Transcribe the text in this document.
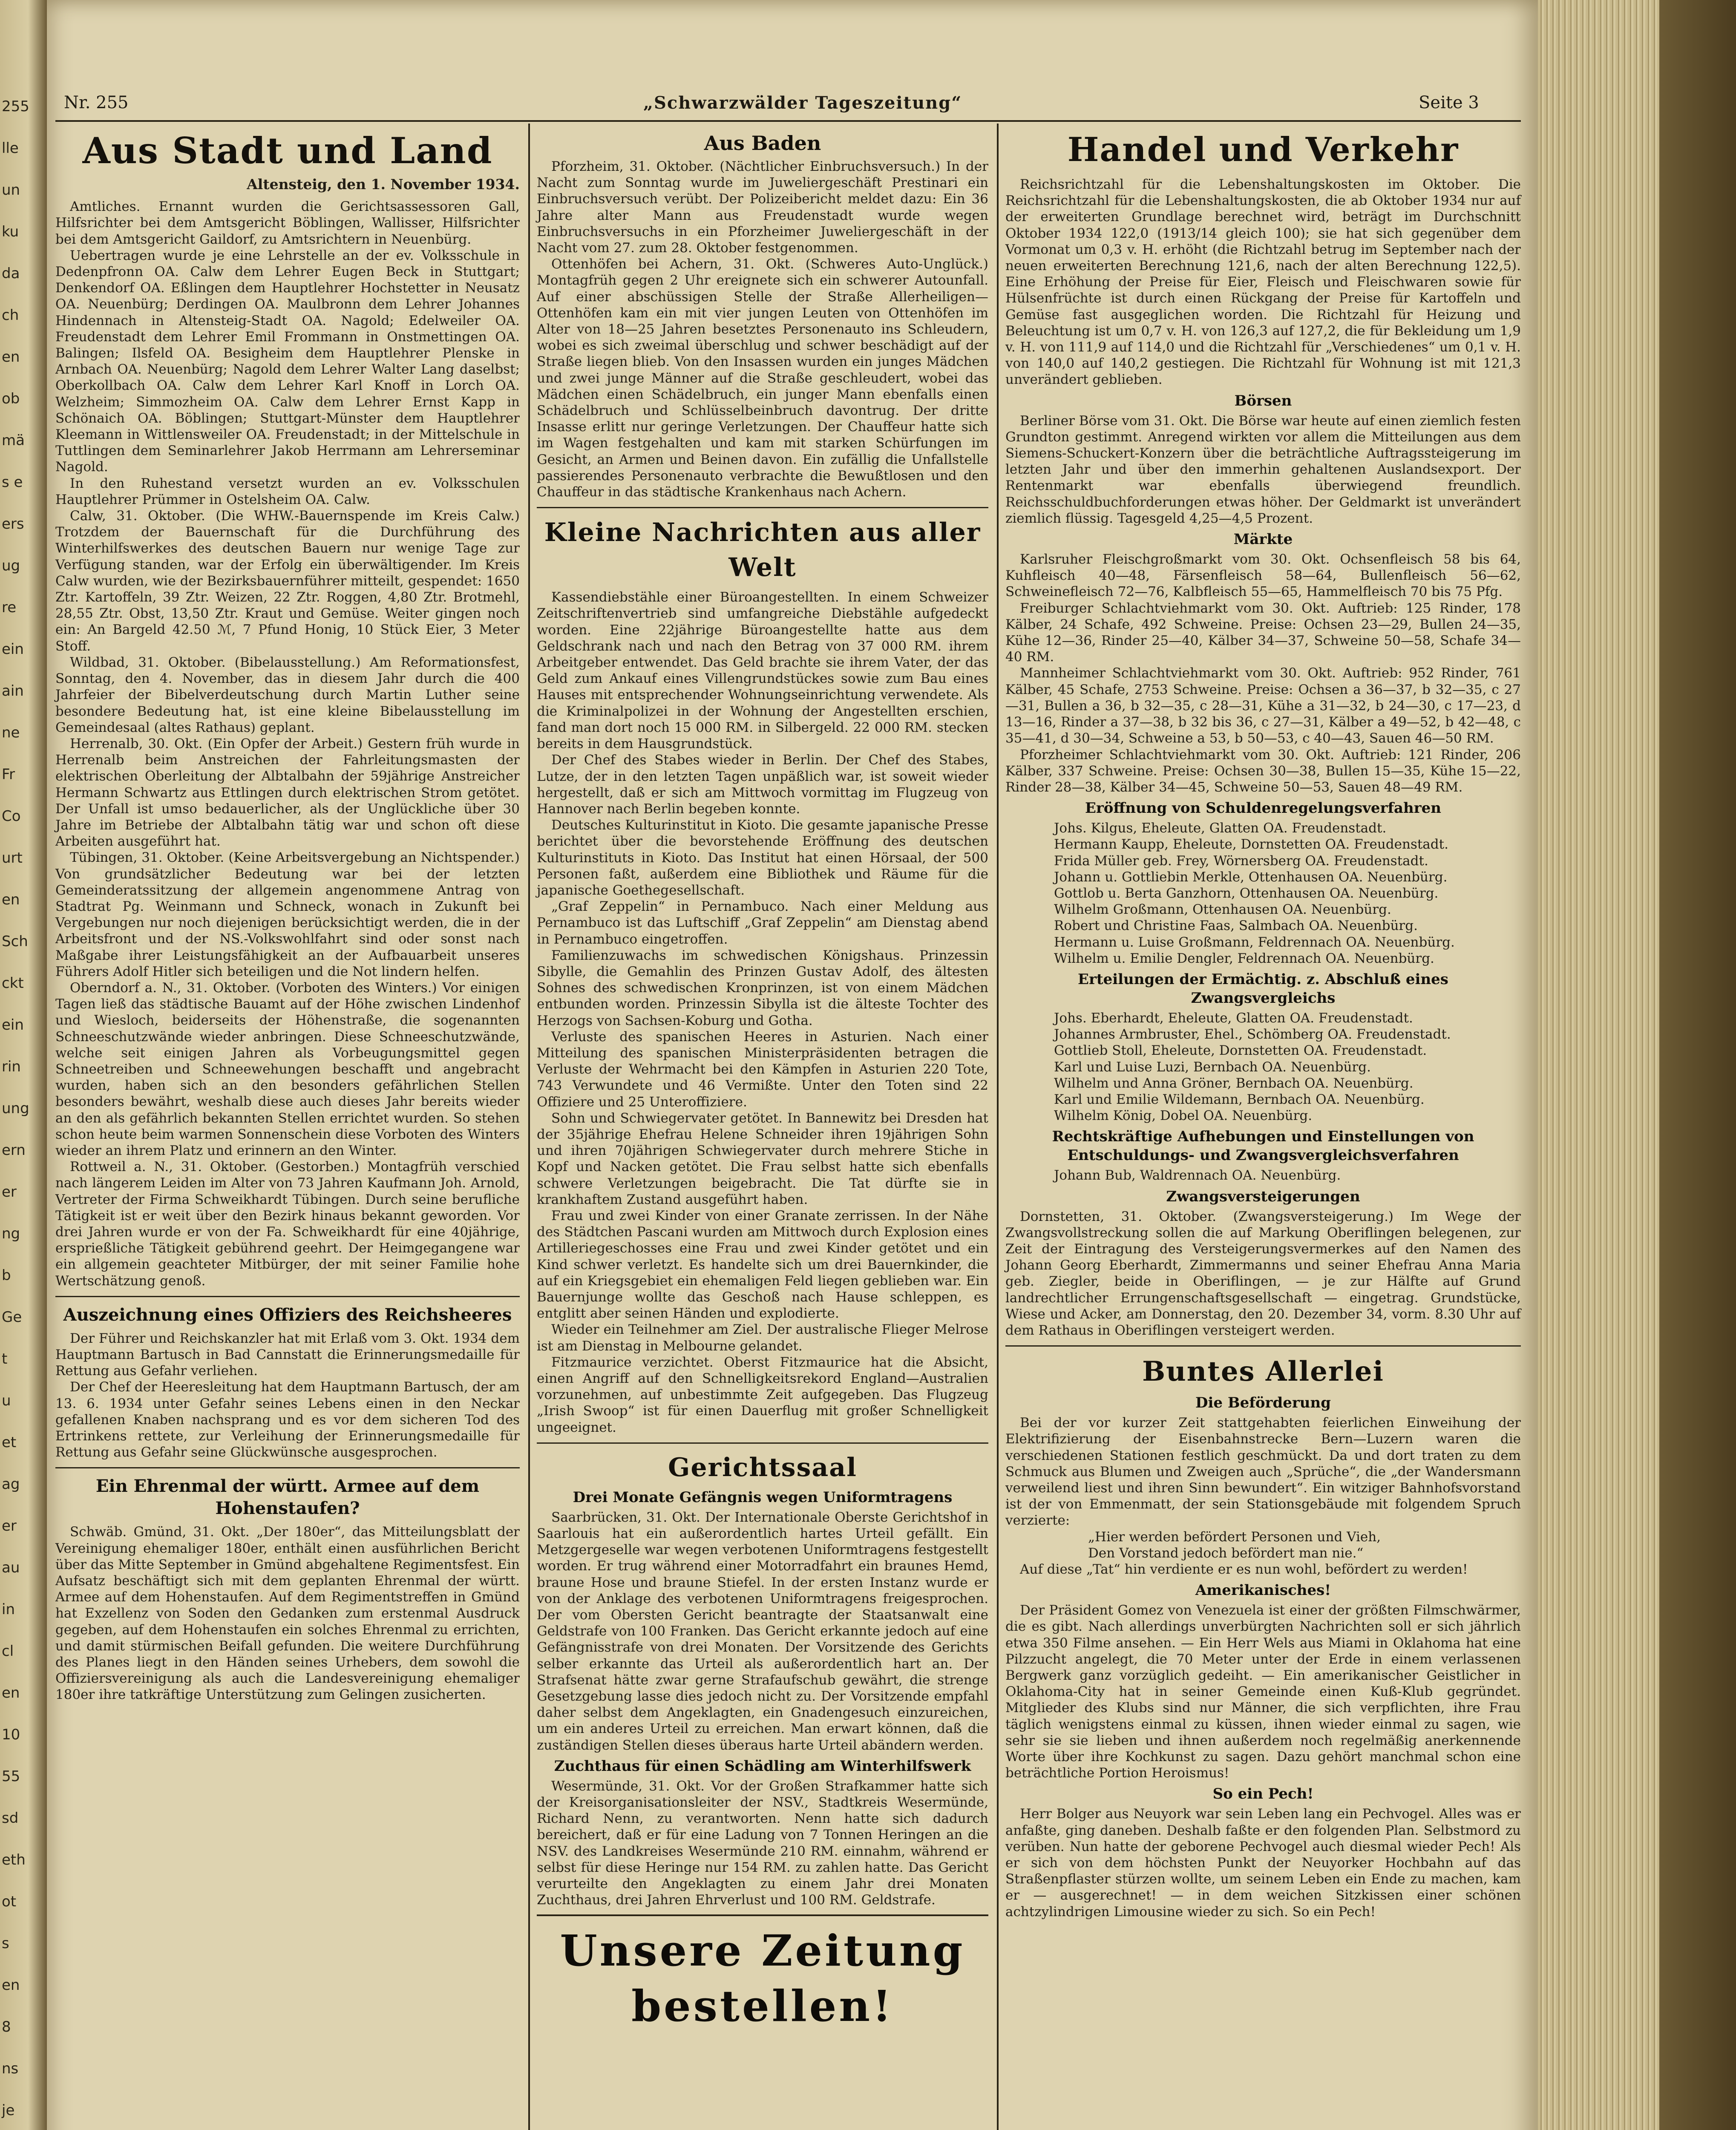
255
lle
un
ku
da
ch
en
ob
mä
s e
ers
ug
re
ein
ain
ne
Fr
Co
urt
en
Sch
ckt
ein
rin
ung
ern
er
ng
b
Ge
t
u
et
ag
er
au
in
cl
en
10
55
sd
eth
ot
s
en
8
ns
je
Nr. 255	„Schwarzwälder Tageszeitung“	Seite 3
Aus Stadt und Land
Altensteig, den 1. November 1934.

Amtliches. Ernannt wurden die Gerichtsassessoren Gall, Hilfsrichter bei dem Amtsgericht Böblingen, Wallisser, Hilfsrichter bei dem Amtsgericht Gaildorf, zu Amtsrichtern in Neuenbürg.

Uebertragen wurde je eine Lehrstelle an der ev. Volksschule in Dedenpfronn OA. Calw dem Lehrer Eugen Beck in Stuttgart; Denkendorf OA. Eßlingen dem Hauptlehrer Hochstetter in Neusatz OA. Neuenbürg; Derdingen OA. Maulbronn dem Lehrer Johannes Hindennach in Altensteig-Stadt OA. Nagold; Edelweiler OA. Freudenstadt dem Lehrer Emil Frommann in Onstmettingen OA. Balingen; Ilsfeld OA. Besigheim dem Hauptlehrer Plenske in Arnbach OA. Neuenbürg; Nagold dem Lehrer Walter Lang daselbst; Oberkollbach OA. Calw dem Lehrer Karl Knoff in Lorch OA. Welzheim; Simmozheim OA. Calw dem Lehrer Ernst Kapp in Schönaich OA. Böblingen; Stuttgart-Münster dem Hauptlehrer Kleemann in Wittlensweiler OA. Freudenstadt; in der Mittelschule in Tuttlingen dem Seminarlehrer Jakob Herrmann am Lehrerseminar Nagold.

In den Ruhestand versetzt wurden an ev. Volksschulen Hauptlehrer Prümmer in Ostelsheim OA. Calw.

Calw, 31. Oktober. (Die WHW.-Bauernspende im Kreis Calw.) Trotzdem der Bauernschaft für die Durchführung des Winterhilfswerkes des deutschen Bauern nur wenige Tage zur Verfügung standen, war der Erfolg ein überwältigender. Im Kreis Calw wurden, wie der Bezirksbauernführer mitteilt, gespendet: 1650 Ztr. Kartoffeln, 39 Ztr. Weizen, 22 Ztr. Roggen, 4,80 Ztr. Brotmehl, 28,55 Ztr. Obst, 13,50 Ztr. Kraut und Gemüse. Weiter gingen noch ein: An Bargeld 42.50 ℳ, 7 Pfund Honig, 10 Stück Eier, 3 Meter Stoff.

Wildbad, 31. Oktober. (Bibelausstellung.) Am Reformationsfest, Sonntag, den 4. November, das in diesem Jahr durch die 400 Jahrfeier der Bibelverdeutschung durch Martin Luther seine besondere Bedeutung hat, ist eine kleine Bibelausstellung im Gemeindesaal (altes Rathaus) geplant.

Herrenalb, 30. Okt. (Ein Opfer der Arbeit.) Gestern früh wurde in Herrenalb beim Anstreichen der Fahrleitungsmasten der elektrischen Oberleitung der Albtalbahn der 59jährige Anstreicher Hermann Schwartz aus Ettlingen durch elektrischen Strom getötet. Der Unfall ist umso bedauerlicher, als der Unglückliche über 30 Jahre im Betriebe der Albtalbahn tätig war und schon oft diese Arbeiten ausgeführt hat.

Tübingen, 31. Oktober. (Keine Arbeitsvergebung an Nichtspender.) Von grundsätzlicher Bedeutung war bei der letzten Gemeinderatssitzung der allgemein angenommene Antrag von Stadtrat Pg. Weinmann und Schneck, wonach in Zukunft bei Vergebungen nur noch diejenigen berücksichtigt werden, die in der Arbeitsfront und der NS.-Volkswohlfahrt sind oder sonst nach Maßgabe ihrer Leistungsfähigkeit an der Aufbauarbeit unseres Führers Adolf Hitler sich beteiligen und die Not lindern helfen.

Oberndorf a. N., 31. Oktober. (Vorboten des Winters.) Vor einigen Tagen ließ das städtische Bauamt auf der Höhe zwischen Lindenhof und Wiesloch, beiderseits der Höhenstraße, die sogenannten Schneeschutzwände wieder anbringen. Diese Schneeschutzwände, welche seit einigen Jahren als Vorbeugungsmittel gegen Schneetreiben und Schneewehungen beschafft und angebracht wurden, haben sich an den besonders gefährlichen Stellen besonders bewährt, weshalb diese auch dieses Jahr bereits wieder an den als gefährlich bekannten Stellen errichtet wurden. So stehen schon heute beim warmen Sonnenschein diese Vorboten des Winters wieder an ihrem Platz und erinnern an den Winter.

Rottweil a. N., 31. Oktober. (Gestorben.) Montagfrüh verschied nach längerem Leiden im Alter von 73 Jahren Kaufmann Joh. Arnold, Vertreter der Firma Schweikhardt Tübingen. Durch seine berufliche Tätigkeit ist er weit über den Bezirk hinaus bekannt geworden. Vor drei Jahren wurde er von der Fa. Schweikhardt für eine 40jährige, ersprießliche Tätigkeit gebührend geehrt. Der Heimgegangene war ein allgemein geachteter Mitbürger, der mit seiner Familie hohe Wertschätzung genoß.

Auszeichnung eines Offiziers des Reichsheeres

Der Führer und Reichskanzler hat mit Erlaß vom 3. Okt. 1934 dem Hauptmann Bartusch in Bad Cannstatt die Erinnerungsmedaille für Rettung aus Gefahr verliehen.

Der Chef der Heeresleitung hat dem Hauptmann Bartusch, der am 13. 6. 1934 unter Gefahr seines Lebens einen in den Neckar gefallenen Knaben nachsprang und es vor dem sicheren Tod des Ertrinkens rettete, zur Verleihung der Erinnerungsmedaille für Rettung aus Gefahr seine Glückwünsche ausgesprochen.

Ein Ehrenmal der württ. Armee auf dem Hohenstaufen?

Schwäb. Gmünd, 31. Okt. „Der 180er“, das Mitteilungsblatt der Vereinigung ehemaliger 180er, enthält einen ausführlichen Bericht über das Mitte September in Gmünd abgehaltene Regimentsfest. Ein Aufsatz beschäftigt sich mit dem geplanten Ehrenmal der württ. Armee auf dem Hohenstaufen. Auf dem Regimentstreffen in Gmünd hat Exzellenz von Soden den Gedanken zum erstenmal Ausdruck gegeben, auf dem Hohenstaufen ein solches Ehrenmal zu errichten, und damit stürmischen Beifall gefunden. Die weitere Durchführung des Planes liegt in den Händen seines Urhebers, dem sowohl die Offiziersvereinigung als auch die Landesvereinigung ehemaliger 180er ihre tatkräftige Unterstützung zum Gelingen zusicherten.

Aus Baden

Pforzheim, 31. Oktober. (Nächtlicher Einbruchsversuch.) In der Nacht zum Sonntag wurde im Juweliergeschäft Prestinari ein Einbruchsversuch verübt. Der Polizeibericht meldet dazu: Ein 36 Jahre alter Mann aus Freudenstadt wurde wegen Einbruchsversuchs in ein Pforzheimer Juweliergeschäft in der Nacht vom 27. zum 28. Oktober festgenommen.

Ottenhöfen bei Achern, 31. Okt. (Schweres Auto-Unglück.) Montagfrüh gegen 2 Uhr ereignete sich ein schwerer Autounfall. Auf einer abschüssigen Stelle der Straße Allerheiligen—Ottenhöfen kam ein mit vier jungen Leuten von Ottenhöfen im Alter von 18—25 Jahren besetztes Personenauto ins Schleudern, wobei es sich zweimal überschlug und schwer beschädigt auf der Straße liegen blieb. Von den Insassen wurden ein junges Mädchen und zwei junge Männer auf die Straße geschleudert, wobei das Mädchen einen Schädelbruch, ein junger Mann ebenfalls einen Schädelbruch und Schlüsselbeinbruch davontrug. Der dritte Insasse erlitt nur geringe Verletzungen. Der Chauffeur hatte sich im Wagen festgehalten und kam mit starken Schürfungen im Gesicht, an Armen und Beinen davon. Ein zufällig die Unfallstelle passierendes Personenauto verbrachte die Bewußtlosen und den Chauffeur in das städtische Krankenhaus nach Achern.

Kleine Nachrichten aus aller Welt

Kassendiebstähle einer Büroangestellten. In einem Schweizer Zeitschriftenvertrieb sind umfangreiche Diebstähle aufgedeckt worden. Eine 22jährige Büroangestellte hatte aus dem Geldschrank nach und nach den Betrag von 37 000 RM. ihrem Arbeitgeber entwendet. Das Geld brachte sie ihrem Vater, der das Geld zum Ankauf eines Villengrundstückes sowie zum Bau eines Hauses mit entsprechender Wohnungseinrichtung verwendete. Als die Kriminalpolizei in der Wohnung der Angestellten erschien, fand man dort noch 15 000 RM. in Silbergeld. 22 000 RM. stecken bereits in dem Hausgrundstück.

Der Chef des Stabes wieder in Berlin. Der Chef des Stabes, Lutze, der in den letzten Tagen unpäßlich war, ist soweit wieder hergestellt, daß er sich am Mittwoch vormittag im Flugzeug von Hannover nach Berlin begeben konnte.

Deutsches Kulturinstitut in Kioto. Die gesamte japanische Presse berichtet über die bevorstehende Eröffnung des deutschen Kulturinstituts in Kioto. Das Institut hat einen Hörsaal, der 500 Personen faßt, außerdem eine Bibliothek und Räume für die japanische Goethegesellschaft.

„Graf Zeppelin“ in Pernambuco. Nach einer Meldung aus Pernambuco ist das Luftschiff „Graf Zeppelin“ am Dienstag abend in Pernambuco eingetroffen.

Familienzuwachs im schwedischen Königshaus. Prinzessin Sibylle, die Gemahlin des Prinzen Gustav Adolf, des ältesten Sohnes des schwedischen Kronprinzen, ist von einem Mädchen entbunden worden. Prinzessin Sibylla ist die älteste Tochter des Herzogs von Sachsen-Koburg und Gotha.

Verluste des spanischen Heeres in Asturien. Nach einer Mitteilung des spanischen Ministerpräsidenten betragen die Verluste der Wehrmacht bei den Kämpfen in Asturien 220 Tote, 743 Verwundete und 46 Vermißte. Unter den Toten sind 22 Offiziere und 25 Unteroffiziere.

Sohn und Schwiegervater getötet. In Bannewitz bei Dresden hat der 35jährige Ehefrau Helene Schneider ihren 19jährigen Sohn und ihren 70jährigen Schwiegervater durch mehrere Stiche in Kopf und Nacken getötet. Die Frau selbst hatte sich ebenfalls schwere Verletzungen beigebracht. Die Tat dürfte sie in krankhaftem Zustand ausgeführt haben.

Frau und zwei Kinder von einer Granate zerrissen. In der Nähe des Städtchen Pascani wurden am Mittwoch durch Explosion eines Artilleriegeschosses eine Frau und zwei Kinder getötet und ein Kind schwer verletzt. Es handelte sich um drei Bauernkinder, die auf ein Kriegsgebiet ein ehemaligen Feld liegen geblieben war. Ein Bauernjunge wollte das Geschoß nach Hause schleppen, es entglitt aber seinen Händen und explodierte.

Wieder ein Teilnehmer am Ziel. Der australische Flieger Melrose ist am Dienstag in Melbourne gelandet.

Fitzmaurice verzichtet. Oberst Fitzmaurice hat die Absicht, einen Angriff auf den Schnelligkeitsrekord England—Australien vorzunehmen, auf unbestimmte Zeit aufgegeben. Das Flugzeug „Irish Swoop“ ist für einen Dauerflug mit großer Schnelligkeit ungeeignet.

Gerichtssaal
Drei Monate Gefängnis wegen Uniformtragens

Saarbrücken, 31. Okt. Der Internationale Oberste Gerichtshof in Saarlouis hat ein außerordentlich hartes Urteil gefällt. Ein Metzgergeselle war wegen verbotenen Uniformtragens festgestellt worden. Er trug während einer Motorradfahrt ein braunes Hemd, braune Hose und braune Stiefel. In der ersten Instanz wurde er von der Anklage des verbotenen Uniformtragens freigesprochen. Der vom Obersten Gericht beantragte der Staatsanwalt eine Geldstrafe von 100 Franken. Das Gericht erkannte jedoch auf eine Gefängnisstrafe von drei Monaten. Der Vorsitzende des Gerichts selber erkannte das Urteil als außerordentlich hart an. Der Strafsenat hätte zwar gerne Strafaufschub gewährt, die strenge Gesetzgebung lasse dies jedoch nicht zu. Der Vorsitzende empfahl daher selbst dem Angeklagten, ein Gnadengesuch einzureichen, um ein anderes Urteil zu erreichen. Man erwart können, daß die zuständigen Stellen dieses überaus harte Urteil abändern werden.

Zuchthaus für einen Schädling am Winterhilfswerk

Wesermünde, 31. Okt. Vor der Großen Strafkammer hatte sich der Kreisorganisationsleiter der NSV., Stadtkreis Wesermünde, Richard Nenn, zu verantworten. Nenn hatte sich dadurch bereichert, daß er für eine Ladung von 7 Tonnen Heringen an die NSV. des Landkreises Wesermünde 210 RM. einnahm, während er selbst für diese Heringe nur 154 RM. zu zahlen hatte. Das Gericht verurteilte den Angeklagten zu einem Jahr drei Monaten Zuchthaus, drei Jahren Ehrverlust und 100 RM. Geldstrafe.

Unsere Zeitung bestellen!
Handel und Verkehr

Reichsrichtzahl für die Lebenshaltungskosten im Oktober. Die Reichsrichtzahl für die Lebenshaltungskosten, die ab Oktober 1934 nur auf der erweiterten Grundlage berechnet wird, beträgt im Durchschnitt Oktober 1934 122,0 (1913/14 gleich 100); sie hat sich gegenüber dem Vormonat um 0,3 v. H. erhöht (die Richtzahl betrug im September nach der neuen erweiterten Berechnung 121,6, nach der alten Berechnung 122,5). Eine Erhöhung der Preise für Eier, Fleisch und Fleischwaren sowie für Hülsenfrüchte ist durch einen Rückgang der Preise für Kartoffeln und Gemüse fast ausgeglichen worden. Die Richtzahl für Heizung und Beleuchtung ist um 0,7 v. H. von 126,3 auf 127,2, die für Bekleidung um 1,9 v. H. von 111,9 auf 114,0 und die Richtzahl für „Verschiedenes“ um 0,1 v. H. von 140,0 auf 140,2 gestiegen. Die Richtzahl für Wohnung ist mit 121,3 unverändert geblieben.

Börsen

Berliner Börse vom 31. Okt. Die Börse war heute auf einen ziemlich festen Grundton gestimmt. Anregend wirkten vor allem die Mitteilungen aus dem Siemens-Schuckert-Konzern über die beträchtliche Auftragssteigerung im letzten Jahr und über den immerhin gehaltenen Auslandsexport. Der Rentenmarkt war ebenfalls überwiegend freundlich. Reichsschuldbuchforderungen etwas höher. Der Geldmarkt ist unverändert ziemlich flüssig. Tagesgeld 4,25—4,5 Prozent.

Märkte

Karlsruher Fleischgroßmarkt vom 30. Okt. Ochsenfleisch 58 bis 64, Kuhfleisch 40—48, Färsenfleisch 58—64, Bullenfleisch 56—62, Schweinefleisch 72—76, Kalbfleisch 55—65, Hammelfleisch 70 bis 75 Pfg.

Freiburger Schlachtviehmarkt vom 30. Okt. Auftrieb: 125 Rinder, 178 Kälber, 24 Schafe, 492 Schweine. Preise: Ochsen 23—29, Bullen 24—35, Kühe 12—36, Rinder 25—40, Kälber 34—37, Schweine 50—58, Schafe 34—40 RM.

Mannheimer Schlachtviehmarkt vom 30. Okt. Auftrieb: 952 Rinder, 761 Kälber, 45 Schafe, 2753 Schweine. Preise: Ochsen a 36—37, b 32—35, c 27—31, Bullen a 36, b 32—35, c 28—31, Kühe a 31—32, b 24—30, c 17—23, d 13—16, Rinder a 37—38, b 32 bis 36, c 27—31, Kälber a 49—52, b 42—48, c 35—41, d 30—34, Schweine a 53, b 50—53, c 40—43, Sauen 46—50 RM.

Pforzheimer Schlachtviehmarkt vom 30. Okt. Auftrieb: 121 Rinder, 206 Kälber, 337 Schweine. Preise: Ochsen 30—38, Bullen 15—35, Kühe 15—22, Rinder 28—38, Kälber 34—45, Schweine 50—53, Sauen 48—49 RM.

Eröffnung von Schuldenregelungsverfahren

Johs. Kilgus, Eheleute, Glatten OA. Freudenstadt.

Hermann Kaupp, Eheleute, Dornstetten OA. Freudenstadt.

Frida Müller geb. Frey, Wörnersberg OA. Freudenstadt.

Johann u. Gottliebin Merkle, Ottenhausen OA. Neuenbürg.

Gottlob u. Berta Ganzhorn, Ottenhausen OA. Neuenbürg.

Wilhelm Großmann, Ottenhausen OA. Neuenbürg.

Robert und Christine Faas, Salmbach OA. Neuenbürg.

Hermann u. Luise Großmann, Feldrennach OA. Neuenbürg.

Wilhelm u. Emilie Dengler, Feldrennach OA. Neuenbürg.

Erteilungen der Ermächtig. z. Abschluß eines Zwangsvergleichs

Johs. Eberhardt, Eheleute, Glatten OA. Freudenstadt.

Johannes Armbruster, Ehel., Schömberg OA. Freudenstadt.

Gottlieb Stoll, Eheleute, Dornstetten OA. Freudenstadt.

Karl und Luise Luzi, Bernbach OA. Neuenbürg.

Wilhelm und Anna Gröner, Bernbach OA. Neuenbürg.

Karl und Emilie Wildemann, Bernbach OA. Neuenbürg.

Wilhelm König, Dobel OA. Neuenbürg.

Rechtskräftige Aufhebungen und Einstellungen von Entschuldungs- und Zwangsvergleichsverfahren

Johann Bub, Waldrennach OA. Neuenbürg.

Zwangsversteigerungen

Dornstetten, 31. Oktober. (Zwangsversteigerung.) Im Wege der Zwangsvollstreckung sollen die auf Markung Oberiflingen belegenen, zur Zeit der Eintragung des Versteigerungsvermerkes auf den Namen des Johann Georg Eberhardt, Zimmermanns und seiner Ehefrau Anna Maria geb. Ziegler, beide in Oberiflingen, — je zur Hälfte auf Grund landrechtlicher Errungenschaftsgesellschaft — eingetrag. Grundstücke, Wiese und Acker, am Donnerstag, den 20. Dezember 34, vorm. 8.30 Uhr auf dem Rathaus in Oberiflingen versteigert werden.

Buntes Allerlei
Die Beförderung

Bei der vor kurzer Zeit stattgehabten feierlichen Einweihung der Elektrifizierung der Eisenbahnstrecke Bern—Luzern waren die verschiedenen Stationen festlich geschmückt. Da und dort traten zu dem Schmuck aus Blumen und Zweigen auch „Sprüche“, die „der Wandersmann verweilend liest und ihren Sinn bewundert“. Ein witziger Bahnhofsvorstand ist der von Emmenmatt, der sein Stationsgebäude mit folgendem Spruch verzierte:

„Hier werden befördert Personen und Vieh,

Den Vorstand jedoch befördert man nie.“

Auf diese „Tat“ hin verdiente er es nun wohl, befördert zu werden!

Amerikanisches!

Der Präsident Gomez von Venezuela ist einer der größten Filmschwärmer, die es gibt. Nach allerdings unverbürgten Nachrichten soll er sich jährlich etwa 350 Filme ansehen. — Ein Herr Wels aus Miami in Oklahoma hat eine Pilzzucht angelegt, die 70 Meter unter der Erde in einem verlassenen Bergwerk ganz vorzüglich gedeiht. — Ein amerikanischer Geistlicher in Oklahoma-City hat in seiner Gemeinde einen Kuß-Klub gegründet. Mitglieder des Klubs sind nur Männer, die sich verpflichten, ihre Frau täglich wenigstens einmal zu küssen, ihnen wieder einmal zu sagen, wie sehr sie sie lieben und ihnen außerdem noch regelmäßig anerkennende Worte über ihre Kochkunst zu sagen. Dazu gehört manchmal schon eine beträchtliche Portion Heroismus!

So ein Pech!

Herr Bolger aus Neuyork war sein Leben lang ein Pechvogel. Alles was er anfaßte, ging daneben. Deshalb faßte er den folgenden Plan. Selbstmord zu verüben. Nun hatte der geborene Pechvogel auch diesmal wieder Pech! Als er sich von dem höchsten Punkt der Neuyorker Hochbahn auf das Straßenpflaster stürzen wollte, um seinem Leben ein Ende zu machen, kam er — ausgerechnet! — in dem weichen Sitzkissen einer schönen achtzylindrigen Limousine wieder zu sich. So ein Pech!
